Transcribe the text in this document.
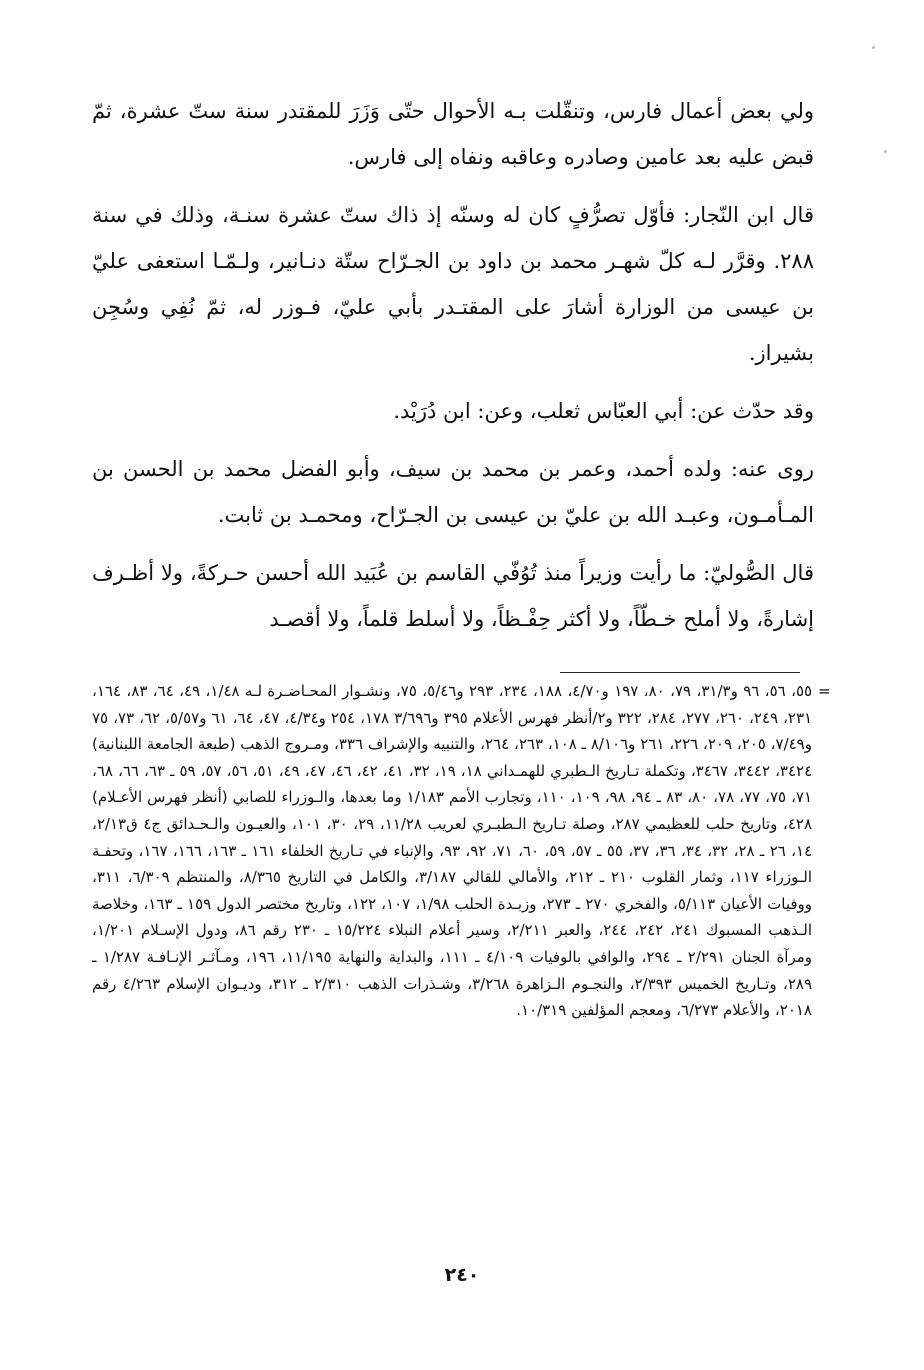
ولي بعض أعمال فارس، وتنقّلت بـه الأحوال حتّى وَزَرَ للمقتدر سنة ستّ عشرة، ثمّ قبض عليه بعد عامين وصادره وعاقبه ونفاه إلى فارس.

قال ابن النّجار: فأوّل تصرُّفٍ كان له وسنّه إذ ذاك ستّ عشرة سنـة، وذلك في سنة ٢٨٨. وقرَّر لـه كلّ شهـر محمد بن داود بن الجـرّاح ستّة دنـانير، ولـمّـا استعفى عليّ بن عيسى من الوزارة أشارَ على المقتـدر بأبي عليّ، فـوزر له، ثمّ نُفِي وسُجِن بشيراز.

وقد حدّث عن: أبي العبّاس ثعلب، وعن: ابن دُرَيْد.

روى عنه: ولده أحمد، وعمر بن محمد بن سيف، وأبو الفضل محمد بن الحسن بن المـأمـون، وعبـد الله بن عليّ بن عيسى بن الجـرّاح، ومحمـد بن ثابت.

قال الصُّوليّ: ما رأيت وزيراً منذ تُوُفّي القاسم بن عُبَيد الله أحسن حـركةً، ولا أظـرف إشارةً، ولا أملح خـطّاً، ولا أكثر حِفْـظاً، ولا أسلط قلماً، ولا أقصـد

=
٥٥، ٥٦، ٩٦ و٣١/٣، ٧٩، ٨٠، ١٩٧ و٤/٧٠، ١٨٨، ٢٣٤، ٢٩٣ و٥/٤٦، ٧٥، ونشـوار المحـاضـرة لـه ١/٤٨، ٤٩، ٦٤، ٨٣، ١٦٤، ٢٣١، ٢٤٩، ٢٦٠، ٢٧٧، ٢٨٤، ٣٢٢ و٢/أنظر فهرس الأعلام ٣٩٥ و٣/٦٩٦ ١٧٨، ٢٥٤ و٤/٣٤، ٤٧، ٦٤، ٦١ و٥/٥٧، ٦٢، ٧٣، ٧٥ و٧/٤٩، ٢٠٥، ٢٠٩، ٢٢٦، ٢٦١ و٨/١٠٦ ـ ١٠٨، ٢٦٣، ٢٦٤، والتنبيه والإشراف ٣٣٦، ومـروج الذهب (طبعة الجامعة اللبنانية) ٣٤٢٤، ٣٤٤٢، ٣٤٦٧، وتكملة تـاريخ الـطبري للهمـداني ١٨، ١٩، ٣٢، ٤١، ٤٢، ٤٦، ٤٧، ٤٩، ٥١، ٥٦، ٥٧، ٥٩ ـ ٦٣، ٦٦، ٦٨، ٧١، ٧٥، ٧٧، ٧٨، ٨٠، ٨٣ ـ ٩٤، ٩٨، ١٠٩، ١١٠، وتجارب الأمم ١/١٨٣ وما بعدها، والـوزراء للصابي (أنظر فهرس الأعـلام) ٤٢٨، وتاريخ حلب للعظيمي ٢٨٧، وصلة تـاريخ الـطبـري لعريب ١١/٢٨، ٢٩، ٣٠، ١٠١، والعيـون والـحـدائق ج٤ ق٢/١٣، ١٤، ٢٦ ـ ٢٨، ٣٢، ٣٤، ٣٦، ٣٧، ٥٥ ـ ٥٧، ٥٩، ٦٠، ٧١، ٩٢، ٩٣، والإنباء في تـاريخ الخلفاء ١٦١ ـ ١٦٣، ١٦٦، ١٦٧، وتحفـة الـوزراء ١١٧، وثمار القلوب ٢١٠ ـ ٢١٢، والأمالي للقالي ٣/١٨٧، والكامل في التاريخ ٨/٣٦٥، والمنتظم ٦/٣٠٩، ٣١١، ووفيات الأعيان ٥/١١٣، والفخري ٢٧٠ ـ ٢٧٣، وزبـدة الحلب ١/٩٨، ١٠٧، ١٢٢، وتاريخ مختصر الدول ١٥٩ ـ ١٦٣، وخلاصة الـذهب المسبوك ٢٤١، ٢٤٢، ٢٤٤، والعبر ٢/٢١١، وسير أعلام النبلاء ١٥/٢٢٤ ـ ٢٣٠ رقم ٨٦، ودول الإسـلام ١/٢٠١، ومرآة الجنان ٢/٢٩١ ـ ٢٩٤، والوافي بالوفيات ٤/١٠٩ ـ ١١١، والبداية والنهاية ١١/١٩٥، ١٩٦، ومـآثـر الإنـافـة ١/٢٨٧ ـ ٢٨٩، وتـاريخ الخميس ٢/٣٩٣، والنجـوم الـزاهرة ٣/٢٦٨، وشـذرات الذهب ٢/٣١٠ ـ ٣١٢، وديـوان الإسلام ٤/٢٦٣ رقم ٢٠١٨، والأعلام ٦/٢٧٣، ومعجم المؤلفين ١٠/٣١٩.
٢٤٠
